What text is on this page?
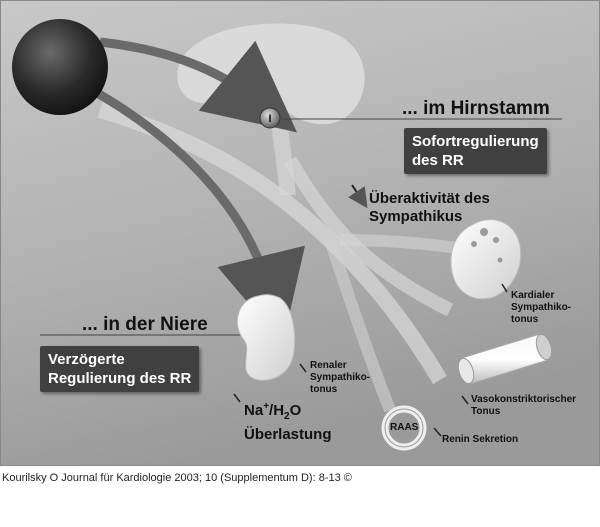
I	... im Hirnstamm
Sofortregulierung
des RR
Überaktivität des
Sympathikus
... in der Niere
Verzögerte
Regulierung des RR
Renaler
Sympathiko-
tonus
Kardialer
Sympathiko-
tonus
Vasokonstriktorischer
Tonus
RAAS
Renin Sekretion
$Na^+/H_2O$
Überlastung
Kourilsky O Journal für Kardiologie 2003; 10 (Supplementum D): 8-13 ©
